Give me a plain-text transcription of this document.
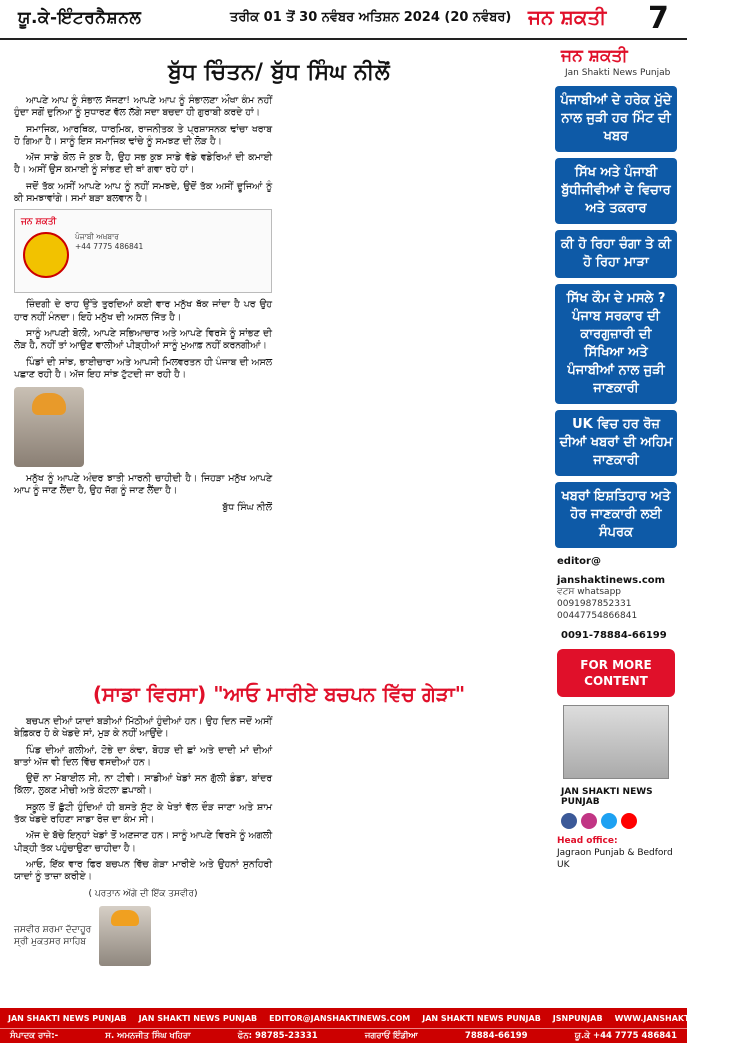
ਯੂ.ਕੇ-ਇੰਟਰਨੈਸ਼ਨਲ	ਤਰੀਕ 01 ਤੋਂ 30 ਨਵੰਬਰ ਅਤਿਸ਼ਨ 2024 (20 ਨਵੰਬਰ) ਜਨ ਸ਼ਕਤੀ 7
ਬੁੱਧ ਚਿੰਤਨ/ ਬੁੱਧ ਸਿੰਘ ਨੀਲੋਂ

ਆਪਣੇ ਆਪ ਨੂੰ ਸੰਭਾਲ ਸੱਜਣਾ! ਆਪਣੇ ਆਪ ਨੂੰ ਸੰਭਾਲਣਾ ਔਖਾ ਕੰਮ ਨਹੀਂ ਹੁੰਦਾ ਸਗੋਂ ਦੁਨਿਆ ਨੂੰ ਸੁਧਾਰਣ ਵੱਲ ਲੱਗੇ ਸਦਾ ਬਚਦਾ ਹੀ ਗੁਰਾਬੀ ਕਰਦੇ ਹਾਂ।

ਸਮਾਜਿਕ, ਆਰਥਿਕ, ਧਾਰਮਿਕ, ਰਾਜਨੀਤਕ ਤੇ ਪ੍ਰਸ਼ਾਸਨਕ ਢਾਂਚਾ ਖਰਾਬ ਹੋ ਗਿਆ ਹੈ। ਸਾਨੂੰ ਇਸ ਸਮਾਜਿਕ ਢਾਂਚੇ ਨੂੰ ਸਮਝਣ ਦੀ ਲੋੜ ਹੈ।

ਅੱਜ ਸਾਡੇ ਕੋਲ ਜੋ ਕੁਝ ਹੈ, ਉਹ ਸਭ ਕੁਝ ਸਾਡੇ ਵੱਡੇ ਵਡੇਰਿਆਂ ਦੀ ਕਮਾਈ ਹੈ। ਅਸੀਂ ਉਸ ਕਮਾਈ ਨੂੰ ਸਾਂਭਣ ਦੀ ਥਾਂ ਗਵਾ ਰਹੇ ਹਾਂ।

ਜਦੋਂ ਤੱਕ ਅਸੀਂ ਆਪਣੇ ਆਪ ਨੂੰ ਨਹੀਂ ਸਮਝਦੇ, ਉਦੋਂ ਤੱਕ ਅਸੀਂ ਦੂਜਿਆਂ ਨੂੰ ਕੀ ਸਮਝਾਵਾਂਗੇ। ਸਮਾਂ ਬੜਾ ਬਲਵਾਨ ਹੈ।

ਜਨ ਸ਼ਕਤੀ
ਪੰਜਾਬੀ ਅਖ਼ਬਾਰ
+44 7775 486841

ਜ਼ਿੰਦਗੀ ਦੇ ਰਾਹ ਉੱਤੇ ਤੁਰਦਿਆਂ ਕਈ ਵਾਰ ਮਨੁੱਖ ਥੱਕ ਜਾਂਦਾ ਹੈ ਪਰ ਉਹ ਹਾਰ ਨਹੀਂ ਮੰਨਦਾ। ਇਹੋ ਮਨੁੱਖ ਦੀ ਅਸਲ ਜਿੱਤ ਹੈ।

ਸਾਨੂੰ ਆਪਣੀ ਬੋਲੀ, ਆਪਣੇ ਸਭਿਆਚਾਰ ਅਤੇ ਆਪਣੇ ਵਿਰਸੇ ਨੂੰ ਸਾਂਭਣ ਦੀ ਲੋੜ ਹੈ, ਨਹੀਂ ਤਾਂ ਆਉਣ ਵਾਲੀਆਂ ਪੀੜ੍ਹੀਆਂ ਸਾਨੂੰ ਮੁਆਫ਼ ਨਹੀਂ ਕਰਨਗੀਆਂ।

ਪਿੰਡਾਂ ਦੀ ਸਾਂਝ, ਭਾਈਚਾਰਾ ਅਤੇ ਆਪਸੀ ਮਿਲਵਰਤਨ ਹੀ ਪੰਜਾਬ ਦੀ ਅਸਲ ਪਛਾਣ ਰਹੀ ਹੈ। ਅੱਜ ਇਹ ਸਾਂਝ ਟੁੱਟਦੀ ਜਾ ਰਹੀ ਹੈ।

ਮਨੁੱਖ ਨੂੰ ਆਪਣੇ ਅੰਦਰ ਝਾਤੀ ਮਾਰਨੀ ਚਾਹੀਦੀ ਹੈ। ਜਿਹੜਾ ਮਨੁੱਖ ਆਪਣੇ ਆਪ ਨੂੰ ਜਾਣ ਲੈਂਦਾ ਹੈ, ਉਹ ਜੱਗ ਨੂੰ ਜਾਣ ਲੈਂਦਾ ਹੈ।

ਬੁੱਧ ਸਿੰਘ ਨੀਲੋਂ
ਜਨ ਸ਼ਕਤੀ
Jan Shakti News Punjab
ਪੰਜਾਬੀਆਂ ਦੇ ਹਰੇਕ ਮੁੱਦੇ ਨਾਲ ਜੁੜੀ ਹਰ ਮਿੰਟ ਦੀ ਖਬਰ
ਸਿੱਖ ਅਤੇ ਪੰਜਾਬੀ ਬੁੱਧੀਜੀਵੀਆਂ ਦੇ ਵਿਚਾਰ ਅਤੇ ਤਕਰਾਰ
ਕੀ ਹੋ ਰਿਹਾ ਚੰਗਾ ਤੇ ਕੀ ਹੋ ਰਿਹਾ ਮਾੜਾ
ਸਿੱਖ ਕੌਮ ਦੇ ਮਸਲੇ ? ਪੰਜਾਬ ਸਰਕਾਰ ਦੀ ਕਾਰਗੁਜ਼ਾਰੀ ਦੀ ਸਿੱਖਿਆ ਅਤੇ ਪੰਜਾਬੀਆਂ ਨਾਲ ਜੁੜੀ ਜਾਣਕਾਰੀ
UK ਵਿਚ ਹਰ ਰੋਜ਼ ਦੀਆਂ ਖਬਰਾਂ ਦੀ ਅਹਿਮ ਜਾਣਕਾਰੀ
ਖਬਰਾਂ ਇਸ਼ਤਿਹਾਰ ਅਤੇ ਹੋਰ ਜਾਣਕਾਰੀ ਲਈ ਸੰਪਰਕ
editor@
janshaktinews.com
ਵਟਸ whatsapp
0091987852331
00447754866841
0091-78884-66199
FOR MORE CONTENT
JAN SHAKTI NEWS PUNJAB
Head office:
Jagraon Punjab & Bedford UK
(ਸਾਡਾ ਵਿਰਸਾ) "ਆਓ ਮਾਰੀਏ ਬਚਪਨ ਵਿੱਚ ਗੇੜਾ"

ਬਚਪਨ ਦੀਆਂ ਯਾਦਾਂ ਬੜੀਆਂ ਮਿੱਠੀਆਂ ਹੁੰਦੀਆਂ ਹਨ। ਉਹ ਦਿਨ ਜਦੋਂ ਅਸੀਂ ਬੇਫ਼ਿਕਰ ਹੋ ਕੇ ਖੇਡਦੇ ਸਾਂ, ਮੁੜ ਕੇ ਨਹੀਂ ਆਉਂਦੇ।

ਪਿੰਡ ਦੀਆਂ ਗਲੀਆਂ, ਟੋਭੇ ਦਾ ਕੰਢਾ, ਬੋਹੜ ਦੀ ਛਾਂ ਅਤੇ ਦਾਦੀ ਮਾਂ ਦੀਆਂ ਬਾਤਾਂ ਅੱਜ ਵੀ ਦਿਲ ਵਿੱਚ ਵਸਦੀਆਂ ਹਨ।

ਉਦੋਂ ਨਾ ਮੋਬਾਈਲ ਸੀ, ਨਾ ਟੀਵੀ। ਸਾਡੀਆਂ ਖੇਡਾਂ ਸਨ ਗੁੱਲੀ ਡੰਡਾ, ਬਾਂਦਰ ਕਿੱਲਾ, ਲੁਕਣ ਮੀਚੀ ਅਤੇ ਕੋਟਲਾ ਛਪਾਕੀ।

ਸਕੂਲ ਤੋਂ ਛੁੱਟੀ ਹੁੰਦਿਆਂ ਹੀ ਬਸਤੇ ਸੁੱਟ ਕੇ ਖੇਤਾਂ ਵੱਲ ਦੌੜ ਜਾਣਾ ਅਤੇ ਸ਼ਾਮ ਤੱਕ ਖੇਡਦੇ ਰਹਿਣਾ ਸਾਡਾ ਰੋਜ਼ ਦਾ ਕੰਮ ਸੀ।

ਅੱਜ ਦੇ ਬੱਚੇ ਇਨ੍ਹਾਂ ਖੇਡਾਂ ਤੋਂ ਅਣਜਾਣ ਹਨ। ਸਾਨੂੰ ਆਪਣੇ ਵਿਰਸੇ ਨੂੰ ਅਗਲੀ ਪੀੜ੍ਹੀ ਤੱਕ ਪਹੁੰਚਾਉਣਾ ਚਾਹੀਦਾ ਹੈ।

ਆਓ, ਇੱਕ ਵਾਰ ਫਿਰ ਬਚਪਨ ਵਿੱਚ ਗੇੜਾ ਮਾਰੀਏ ਅਤੇ ਉਹਨਾਂ ਸੁਨਹਿਰੀ ਯਾਦਾਂ ਨੂੰ ਤਾਜ਼ਾ ਕਰੀਏ।

( ਪਰਤਾਨ ਅੱਗੇ ਦੀ ਇੱਕ ਤਸਵੀਰ)
ਜਸਵੀਰ ਸ਼ਰਮਾ ਦੱਦਾਹੂਰ
ਸ੍ਰੀ ਮੁਕਤਸਰ ਸਾਹਿਬ
JAN SHAKTI NEWS PUNJAB JAN SHAKTI NEWS PUNJAB EDITOR@JANSHAKTINEWS.COM JAN SHAKTI NEWS PUNJAB JSNPUNJAB WWW.JANSHAKTINEWS.COM
ਸੰਪਾਦਕ ਰਾਜੇ:-	ਸ. ਅਮਨਜੀਤ ਸਿੰਘ ਖਹਿਰਾ	ਫੋਨ: 98785-23331	ਜਗਰਾਓਂ ਇੰਡੀਆ	78884-66199	ਯੂ.ਕੇ +44 7775 486841
